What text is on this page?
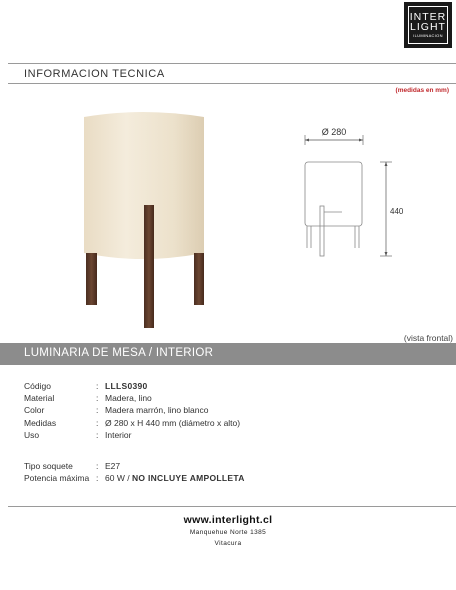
INTER
LIGHT
ILUMINACION
INFORMACION TECNICA
(medidas en mm)
Ø 280
440
(vista frontal)
LUMINARIA DE MESA / INTERIOR
Código	: LLLS0390
Material	: Madera, lino
Color	: Madera marrón, lino blanco
Medidas	: Ø 280 x H 440 mm (diámetro x alto)
Uso	: Interior
Tipo soquete	: E27
Potencia máxima : 60 W / NO INCLUYE AMPOLLETA
www.interlight.cl
Manquehue Norte 1385
Vitacura
